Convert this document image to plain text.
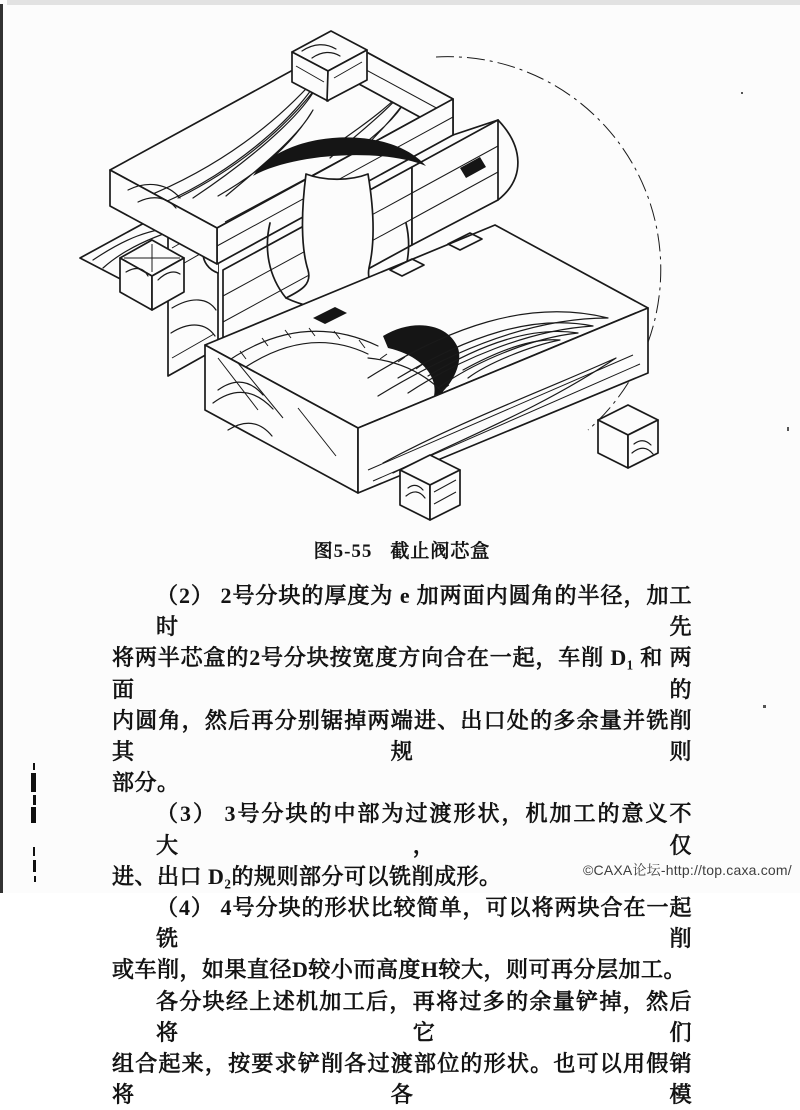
图5-55 截止阀芯盒
（2） 2号分块的厚度为 e 加两面内圆角的半径，加工时先
将两半芯盒的2号分块按宽度方向合在一起，车削 D₁ 和 两 面的
内圆角，然后再分别锯掉两端进、出口处的多余量并铣削其规则
部分。
（3） 3号分块的中部为过渡形状，机加工的意义不大，仅
进、出口 D₂的规则部分可以铣削成形。
（4） 4号分块的形状比较简单，可以将两块合在一起铣削
或车削，如果直径D较小而高度H较大，则可再分层加工。
各分块经上述机加工后，再将过多的余量铲掉，然后将它们
组合起来，按要求铲削各过渡部位的形状。也可以用假销将各模
©CAXA论坛-http://top.caxa.com/
